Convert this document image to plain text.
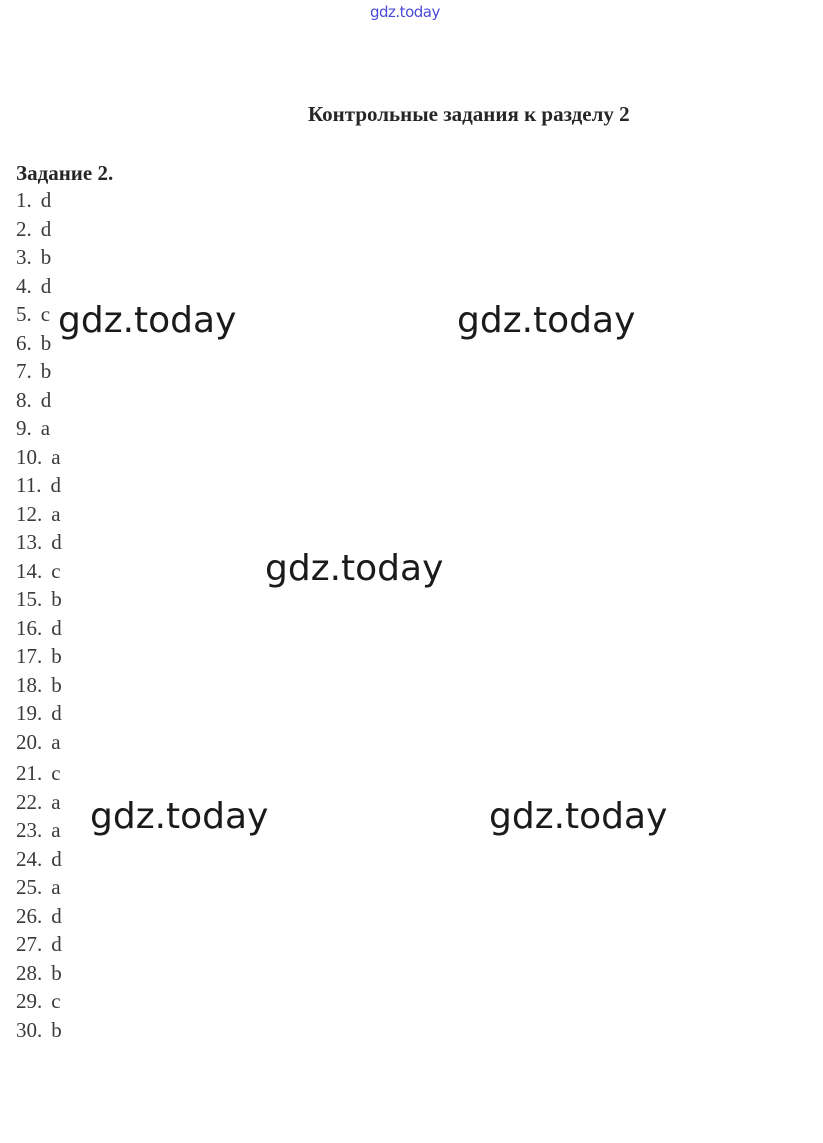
gdz.today
Контрольные задания к разделу 2
Задание 2.
1. d
2. d
3. b
4. d
5. c
6. b
7. b
8. d
9. a
10. a
11. d
12. a
13. d
14. c
15. b
16. d
17. b
18. b
19. d
20. a
21. c
22. a
23. a
24. d
25. a
26. d
27. d
28. b
29. c
30. b
gdz.today	gdz.today
gdz.today
gdz.today	gdz.today
